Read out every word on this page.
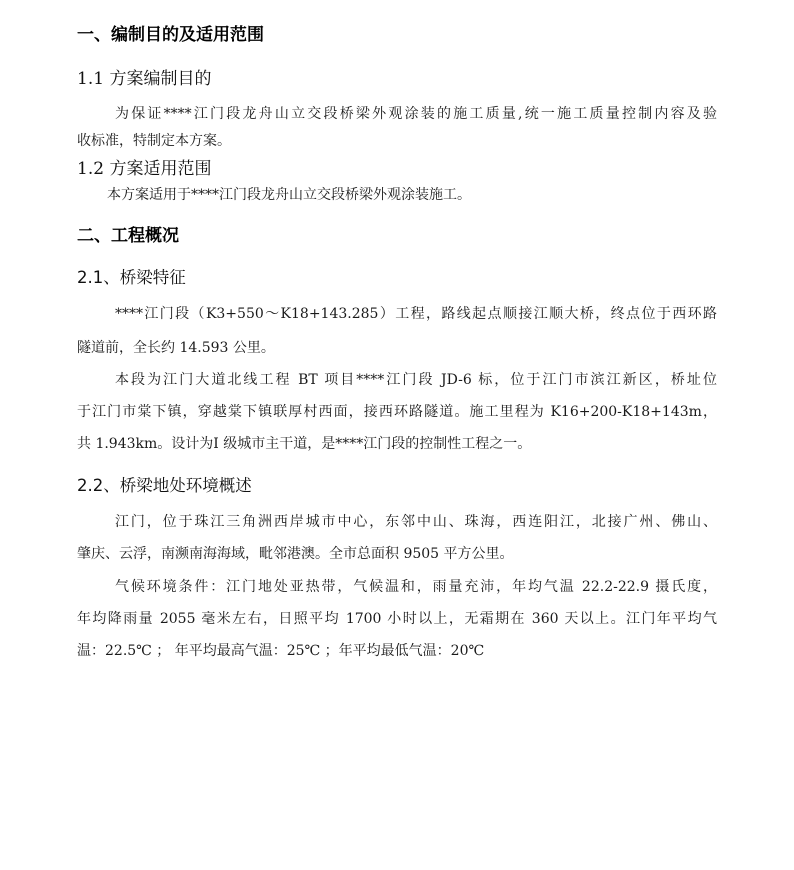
一、编制目的及适用范围
1.1 方案编制目的
为保证****江门段龙舟山立交段桥梁外观涂装的施工质量,统一施工质量控制内容及验
收标准，特制定本方案。
1.2 方案适用范围
本方案适用于****江门段龙舟山立交段桥梁外观涂装施工。
二、工程概况
2.1、桥梁特征
****江门段（K3+550～K18+143.285）工程，路线起点顺接江顺大桥，终点位于西环路
隧道前，全长约 14.593 公里。
本段为江门大道北线工程 BT 项目****江门段 JD-6 标，位于江门市滨江新区，桥址位
于江门市棠下镇，穿越棠下镇联厚村西面，接西环路隧道。施工里程为 K16+200-K18+143m，
共 1.943km。设计为Ⅰ 级城市主干道，是****江门段的控制性工程之一。
2.2、桥梁地处环境概述
江门，位于珠江三角洲西岸城市中心，东邻中山、珠海，西连阳江，北接广州、佛山、
肇庆、云浮，南濒南海海域，毗邻港澳。全市总面积 9505 平方公里。
气候环境条件：江门地处亚热带，气候温和，雨量充沛，年均气温 22.2-22.9 摄氏度，
年均降雨量 2055 毫米左右，日照平均 1700 小时以上，无霜期在 360 天以上。江门年平均气
温：22.5℃ ； 年平均最高气温：25℃ ；年平均最低气温：20℃
